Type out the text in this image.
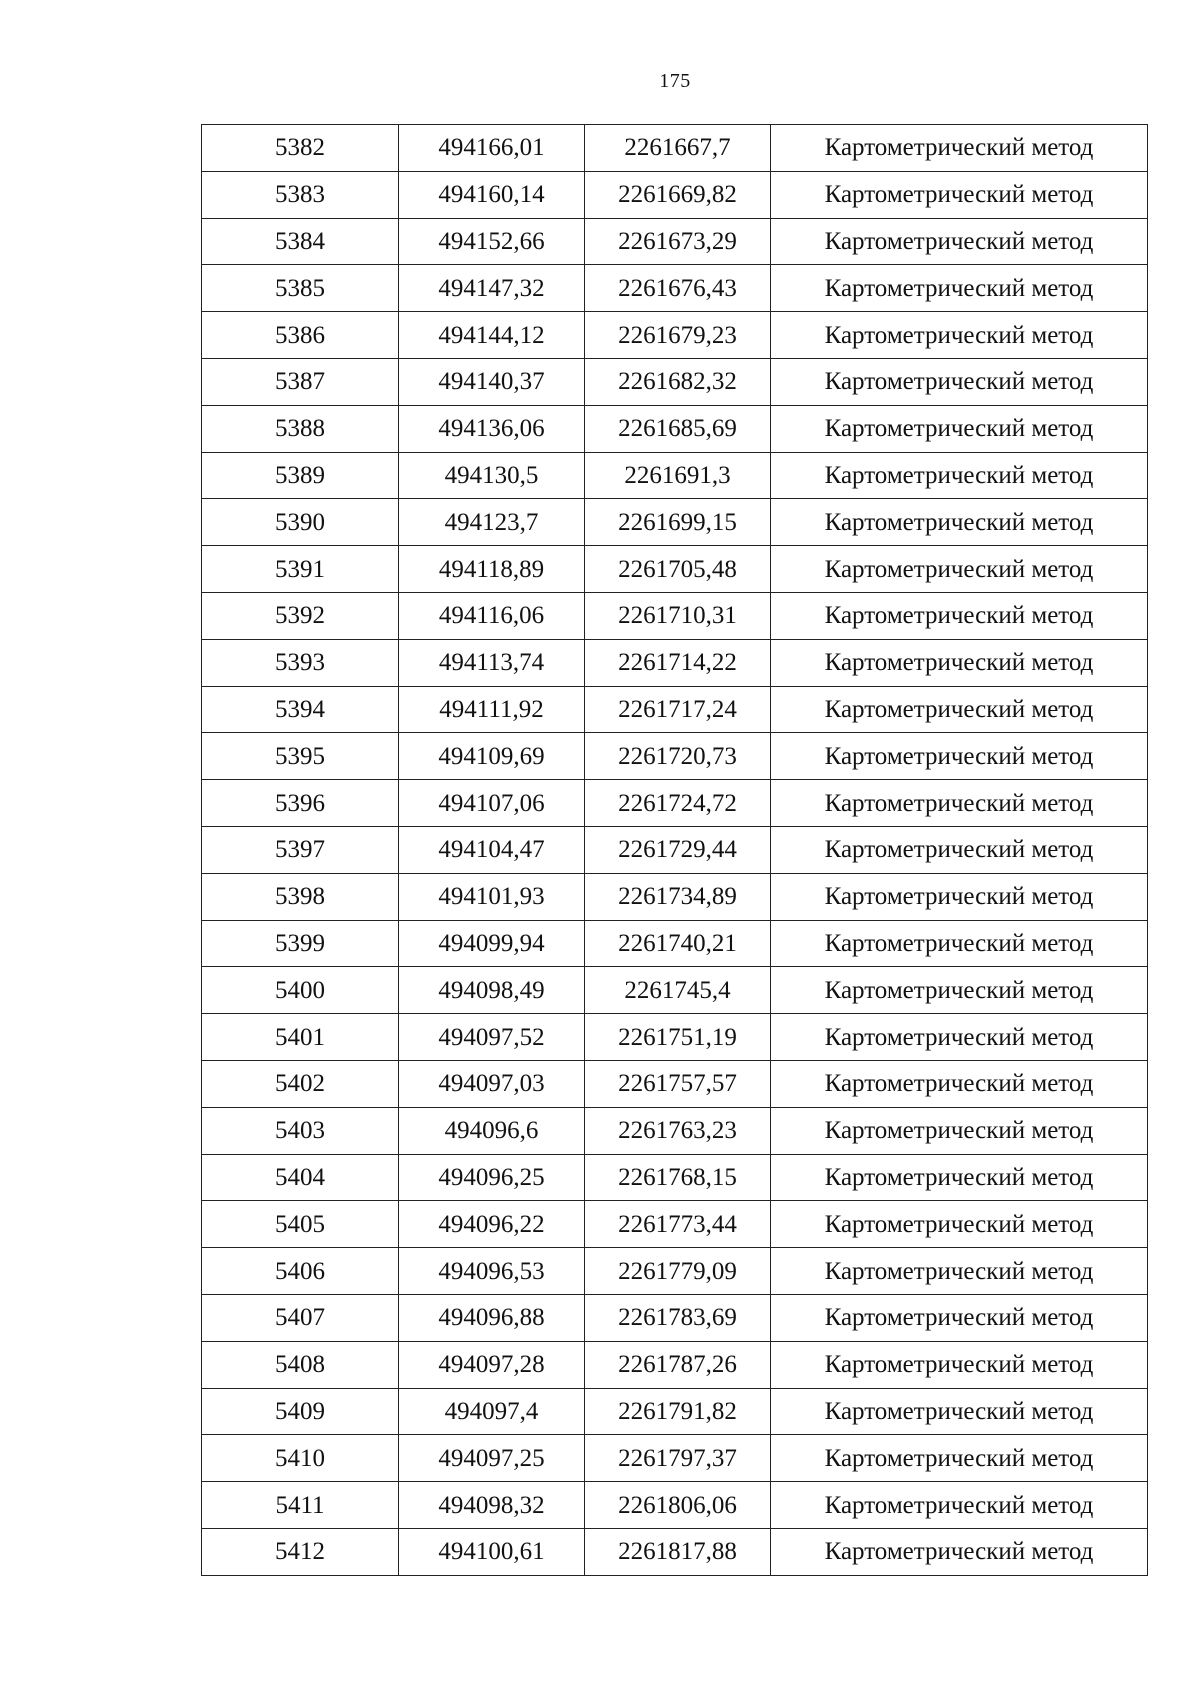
175
5382	494166,01	2261667,7	Картометрический метод
5383	494160,14	2261669,82	Картометрический метод
5384	494152,66	2261673,29	Картометрический метод
5385	494147,32	2261676,43	Картометрический метод
5386	494144,12	2261679,23	Картометрический метод
5387	494140,37	2261682,32	Картометрический метод
5388	494136,06	2261685,69	Картометрический метод
5389	494130,5	2261691,3	Картометрический метод
5390	494123,7	2261699,15	Картометрический метод
5391	494118,89	2261705,48	Картометрический метод
5392	494116,06	2261710,31	Картометрический метод
5393	494113,74	2261714,22	Картометрический метод
5394	494111,92	2261717,24	Картометрический метод
5395	494109,69	2261720,73	Картометрический метод
5396	494107,06	2261724,72	Картометрический метод
5397	494104,47	2261729,44	Картометрический метод
5398	494101,93	2261734,89	Картометрический метод
5399	494099,94	2261740,21	Картометрический метод
5400	494098,49	2261745,4	Картометрический метод
5401	494097,52	2261751,19	Картометрический метод
5402	494097,03	2261757,57	Картометрический метод
5403	494096,6	2261763,23	Картометрический метод
5404	494096,25	2261768,15	Картометрический метод
5405	494096,22	2261773,44	Картометрический метод
5406	494096,53	2261779,09	Картометрический метод
5407	494096,88	2261783,69	Картометрический метод
5408	494097,28	2261787,26	Картометрический метод
5409	494097,4	2261791,82	Картометрический метод
5410	494097,25	2261797,37	Картометрический метод
5411	494098,32	2261806,06	Картометрический метод
5412	494100,61	2261817,88	Картометрический метод
